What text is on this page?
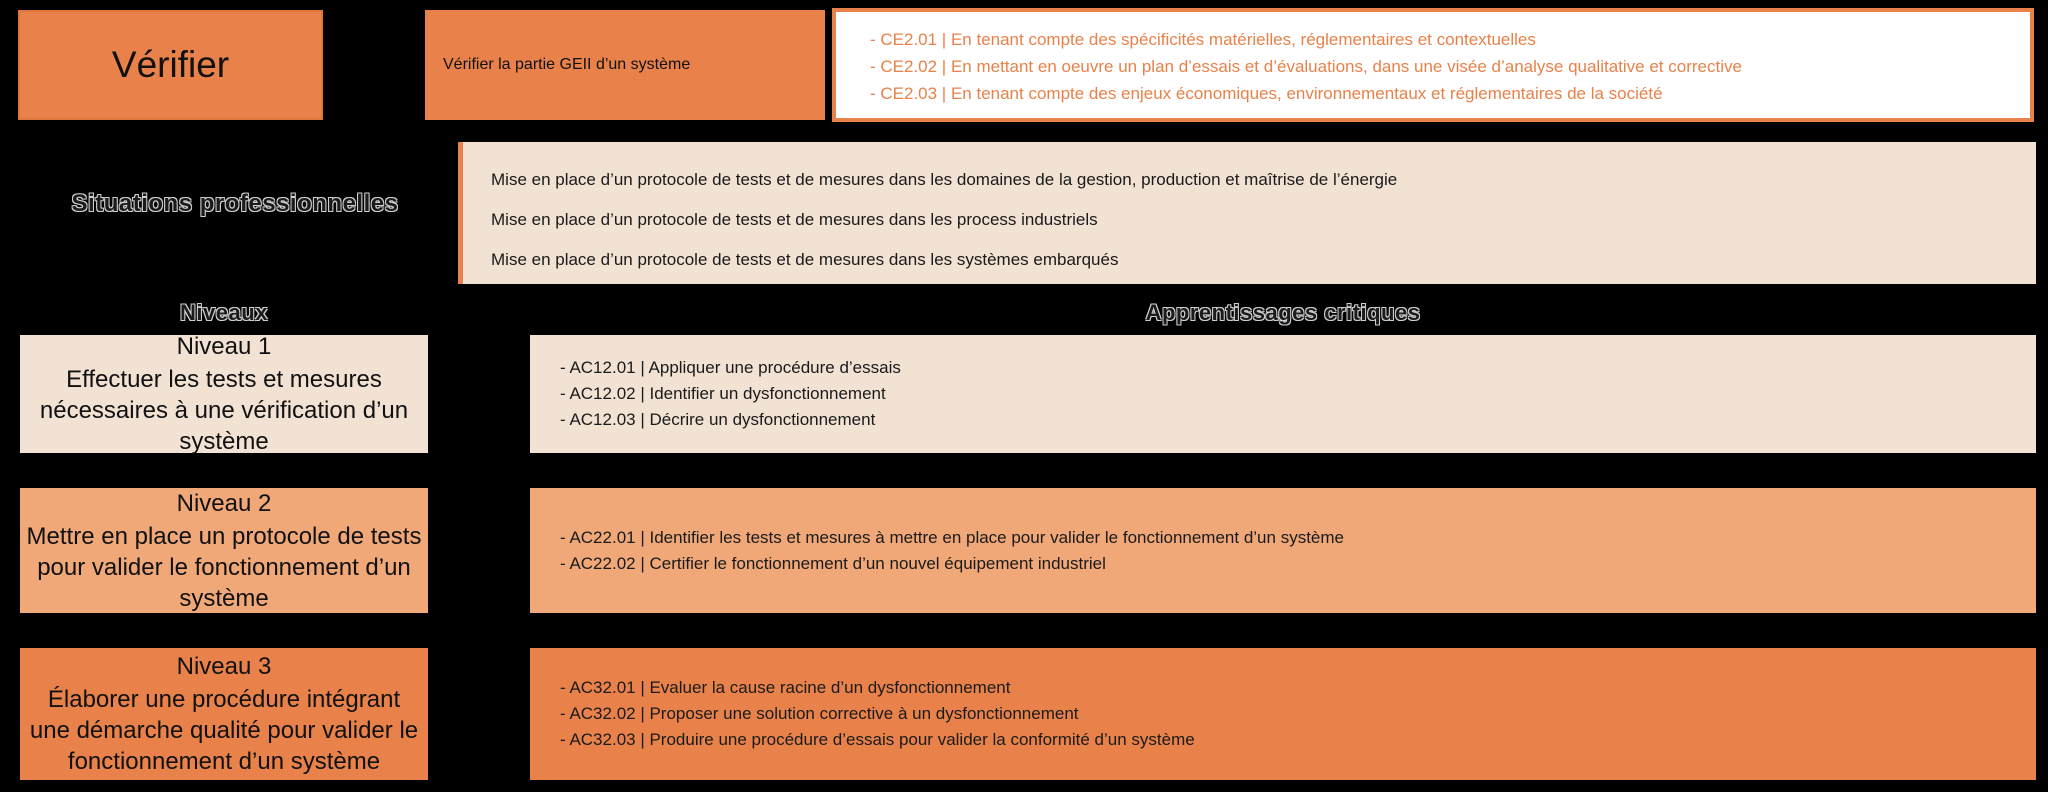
Vérifier	Vérifier la partie GEII d’un système
- CE2.01 | En tenant compte des spécificités matérielles, réglementaires et contextuelles
- CE2.02 | En mettant en oeuvre un plan d’essais et d’évaluations, dans une visée d’analyse qualitative et corrective
- CE2.03 | En tenant compte des enjeux économiques, environnementaux et réglementaires de la société
Situations professionnelles
Mise en place d’un protocole de tests et de mesures dans les domaines de la gestion, production et maîtrise de l’énergie
Mise en place d’un protocole de tests et de mesures dans les process industriels
Mise en place d’un protocole de tests et de mesures dans les systèmes embarqués
Niveaux	Apprentissages critiques
Niveau 1
Effectuer les tests et mesures nécessaires à une vérification d’un système
- AC12.01 | Appliquer une procédure d’essais
- AC12.02 | Identifier un dysfonctionnement
- AC12.03 | Décrire un dysfonctionnement
Niveau 2
Mettre en place un protocole de tests pour valider le fonctionnement d’un système
- AC22.01 | Identifier les tests et mesures à mettre en place pour valider le fonctionnement d’un système
- AC22.02 | Certifier le fonctionnement d’un nouvel équipement industriel
Niveau 3
Élaborer une procédure intégrant une démarche qualité pour valider le fonctionnement d’un système
- AC32.01 | Evaluer la cause racine d’un dysfonctionnement
- AC32.02 | Proposer une solution corrective à un dysfonctionnement
- AC32.03 | Produire une procédure d’essais pour valider la conformité d’un système
